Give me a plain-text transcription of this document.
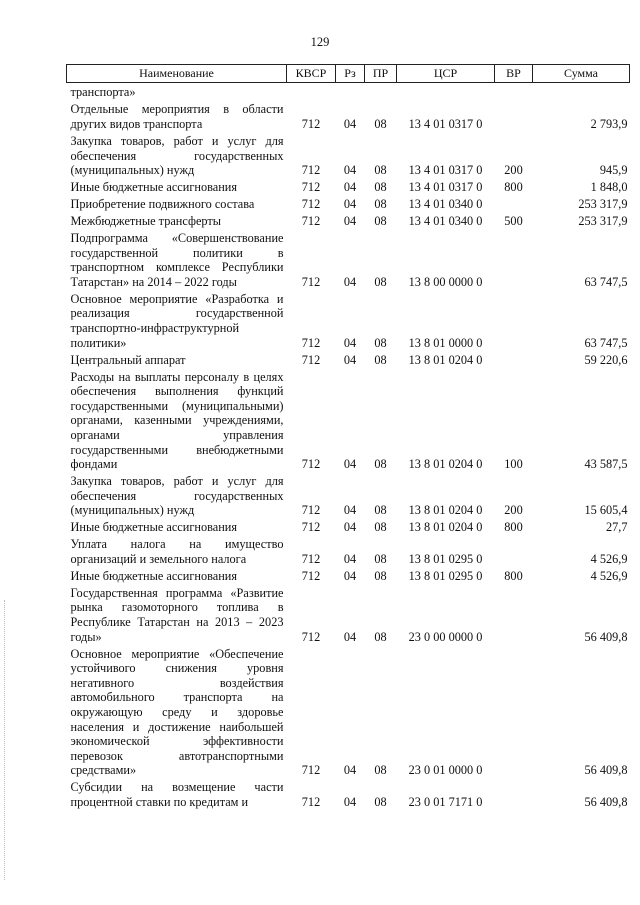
129
Наименование	КВСР	Рз	ПР	ЦСР	ВР	Сумма
транспорта»						
Отдельные мероприятия в области других видов транспорта	712	04	08	13 4 01 0317 0		2 793,9
Закупка товаров, работ и услуг для обеспечения государственных (муниципальных) нужд	712	04	08	13 4 01 0317 0	200	945,9
Иные бюджетные ассигнования	712	04	08	13 4 01 0317 0	800	1 848,0
Приобретение подвижного состава	712	04	08	13 4 01 0340 0		253 317,9
Межбюджетные трансферты	712	04	08	13 4 01 0340 0	500	253 317,9
Подпрограмма «Совершенствование государственной политики в транспортном комплексе Республики Татарстан» на 2014 – 2022 годы	712	04	08	13 8 00 0000 0		63 747,5
Основное мероприятие «Разработка и реализация государственной транспортно-инфраструктурной политики»	712	04	08	13 8 01 0000 0		63 747,5
Центральный аппарат	712	04	08	13 8 01 0204 0		59 220,6
Расходы на выплаты персоналу в целях обеспечения выполнения функций государственными (муниципальными) органами, казенными учреждениями, органами управления государственными внебюджетными фондами	712	04	08	13 8 01 0204 0	100	43 587,5
Закупка товаров, работ и услуг для обеспечения государственных (муниципальных) нужд	712	04	08	13 8 01 0204 0	200	15 605,4
Иные бюджетные ассигнования	712	04	08	13 8 01 0204 0	800	27,7
Уплата налога на имущество организаций и земельного налога	712	04	08	13 8 01 0295 0		4 526,9
Иные бюджетные ассигнования	712	04	08	13 8 01 0295 0	800	4 526,9
Государственная программа «Развитие рынка газомоторного топлива в Республике Татарстан на 2013 – 2023 годы»	712	04	08	23 0 00 0000 0		56 409,8
Основное мероприятие «Обеспечение устойчивого снижения уровня негативного воздействия автомобильного транспорта на окружающую среду и здоровье населения и достижение наибольшей экономической эффективности перевозок автотранспортными средствами»	712	04	08	23 0 01 0000 0		56 409,8
Субсидии на возмещение части процентной ставки по кредитам и	712	04	08	23 0 01 7171 0		56 409,8
